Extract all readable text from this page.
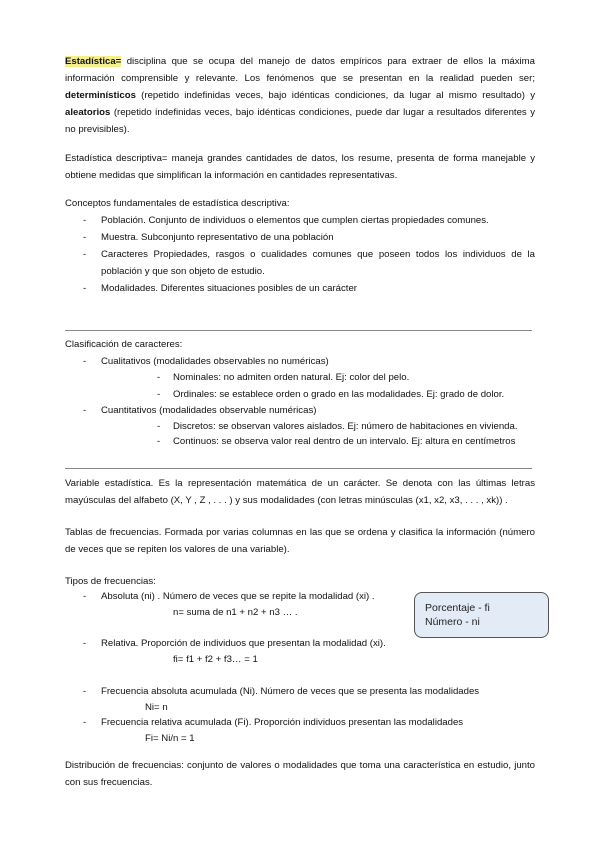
Estadística= disciplina que se ocupa del manejo de datos empíricos para extraer de ellos la máxima información comprensible y relevante. Los fenómenos que se presentan en la realidad pueden ser; determinísticos (repetido indefinidas veces, bajo idénticas condiciones, da lugar al mismo resultado) y aleatorios (repetido indefinidas veces, bajo idénticas condiciones, puede dar lugar a resultados diferentes y no previsibles).
Estadística descriptiva= maneja grandes cantidades de datos, los resume, presenta de forma manejable y obtiene medidas que simplifican la información en cantidades representativas.
Conceptos fundamentales de estadística descriptiva:
- Población. Conjunto de individuos o elementos que cumplen ciertas propiedades comunes.
- Muestra. Subconjunto representativo de una población
- Caracteres Propiedades, rasgos o cualidades comunes que poseen todos los individuos de la población y que son objeto de estudio.
- Modalidades. Diferentes situaciones posibles de un carácter
Clasificación de caracteres:
- Cualitativos (modalidades observables no numéricas)
- Nominales: no admiten orden natural. Ej: color del pelo.
- Ordinales: se establece orden o grado en las modalidades. Ej: grado de dolor.
- Cuantitativos (modalidades observable numéricas)
- Discretos: se observan valores aislados. Ej: número de habitaciones en vivienda.
- Continuos: se observa valor real dentro de un intervalo. Ej: altura en centímetros
Variable estadística. Es la representación matemática de un carácter. Se denota con las últimas letras mayúsculas del alfabeto (X, Y , Z , . . . ) y sus modalidades (con letras minúsculas (x1, x2, x3, . . . , xk)) .
Tablas de frecuencias. Formada por varias columnas en las que se ordena y clasifica la información (número de veces que se repiten los valores de una variable).
Tipos de frecuencias:
- Absoluta (ni) . Número de veces que se repite la modalidad (xi) .
n= suma de n1 + n2 + n3 … .
- Relativa. Proporción de individuos que presentan la modalidad (xi).
fi= f1 + f2 + f3… = 1
- Frecuencia absoluta acumulada (Ni). Número de veces que se presenta las modalidades
Ni= n
- Frecuencia relativa acumulada (Fi). Proporción individuos presentan las modalidades
Fi= Ni/n = 1
Porcentaje - fi
Número - ni
Distribución de frecuencias: conjunto de valores o modalidades que toma una característica en estudio, junto con sus frecuencias.
